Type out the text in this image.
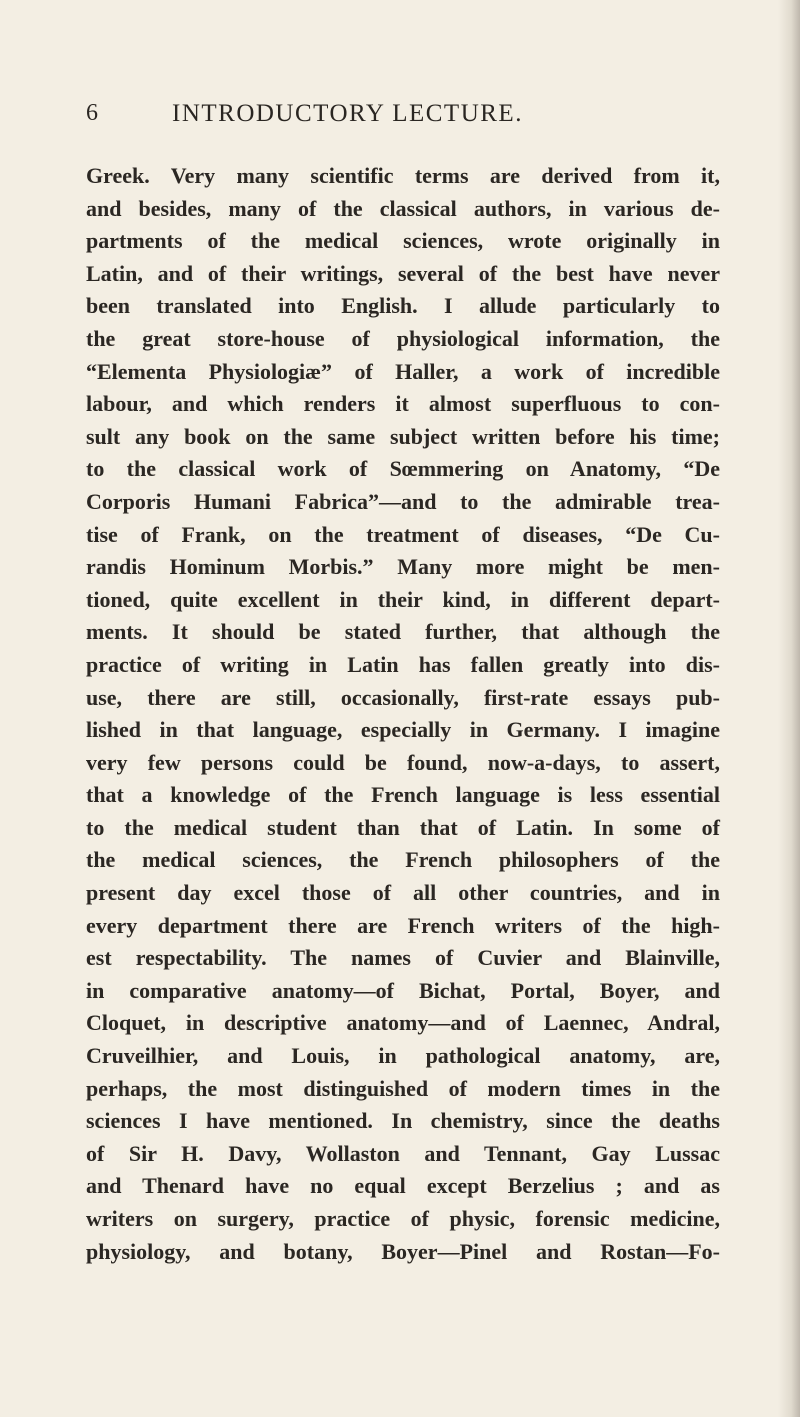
6	INTRODUCTORY LECTURE.
Greek. Very many scientific terms are derived from it,
and besides, many of the classical authors, in various de-
partments of the medical sciences, wrote originally in
Latin, and of their writings, several of the best have never
been translated into English. I allude particularly to
the great store-house of physiological information, the
“Elementa Physiologiæ” of Haller, a work of incredible
labour, and which renders it almost superfluous to con-
sult any book on the same subject written before his time;
to the classical work of Sœmmering on Anatomy, “De
Corporis Humani Fabrica”—and to the admirable trea-
tise of Frank, on the treatment of diseases, “De Cu-
randis Hominum Morbis.” Many more might be men-
tioned, quite excellent in their kind, in different depart-
ments. It should be stated further, that although the
practice of writing in Latin has fallen greatly into dis-
use, there are still, occasionally, first-rate essays pub-
lished in that language, especially in Germany. I imagine
very few persons could be found, now-a-days, to assert,
that a knowledge of the French language is less essential
to the medical student than that of Latin. In some of
the medical sciences, the French philosophers of the
present day excel those of all other countries, and in
every department there are French writers of the high-
est respectability. The names of Cuvier and Blainville,
in comparative anatomy—of Bichat, Portal, Boyer, and
Cloquet, in descriptive anatomy—and of Laennec, Andral,
Cruveilhier, and Louis, in pathological anatomy, are,
perhaps, the most distinguished of modern times in the
sciences I have mentioned. In chemistry, since the deaths
of Sir H. Davy, Wollaston and Tennant, Gay Lussac
and Thenard have no equal except Berzelius ; and as
writers on surgery, practice of physic, forensic medicine,
physiology, and botany, Boyer—Pinel and Rostan—Fo-
